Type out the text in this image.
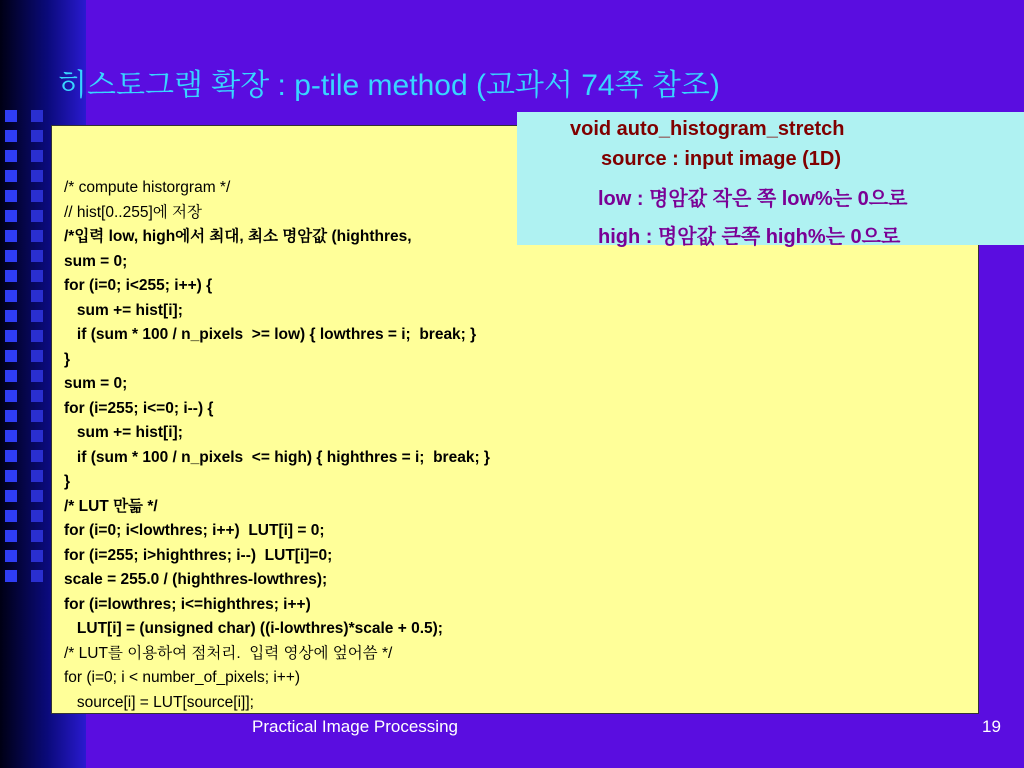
히스토그램 확장 : p-tile method (교과서 74쪽 참조)
/* compute historgram */
// hist[0..255]에 저장
/*입력 low, high에서 최대, 최소 명암값 (highthres,
sum = 0;
for (i=0; i<255; i++) {
sum += hist[i];
if (sum * 100 / n_pixels  >= low) { lowthres = i;  break; }
}
sum = 0;
for (i=255; i<=0; i--) {
sum += hist[i];
if (sum * 100 / n_pixels  <= high) { highthres = i;  break; }
}
/* LUT 만듦 */
for (i=0; i<lowthres; i++)  LUT[i] = 0;
for (i=255; i>highthres; i--)  LUT[i]=0;
scale = 255.0 / (highthres-lowthres);
for (i=lowthres; i<=highthres; i++)
LUT[i] = (unsigned char) ((i-lowthres)*scale + 0.5);
/* LUT를 이용하여 점처리.  입력 영상에 엎어씀 */
for (i=0; i < number_of_pixels; i++)
source[i] = LUT[source[i]];
void auto_histogram_stretch
source : input image (1D)
low : 명암값 작은 쪽 low%는 0으로
high : 명암값 큰쪽 high%는 0으로
Practical Image Processing	19
